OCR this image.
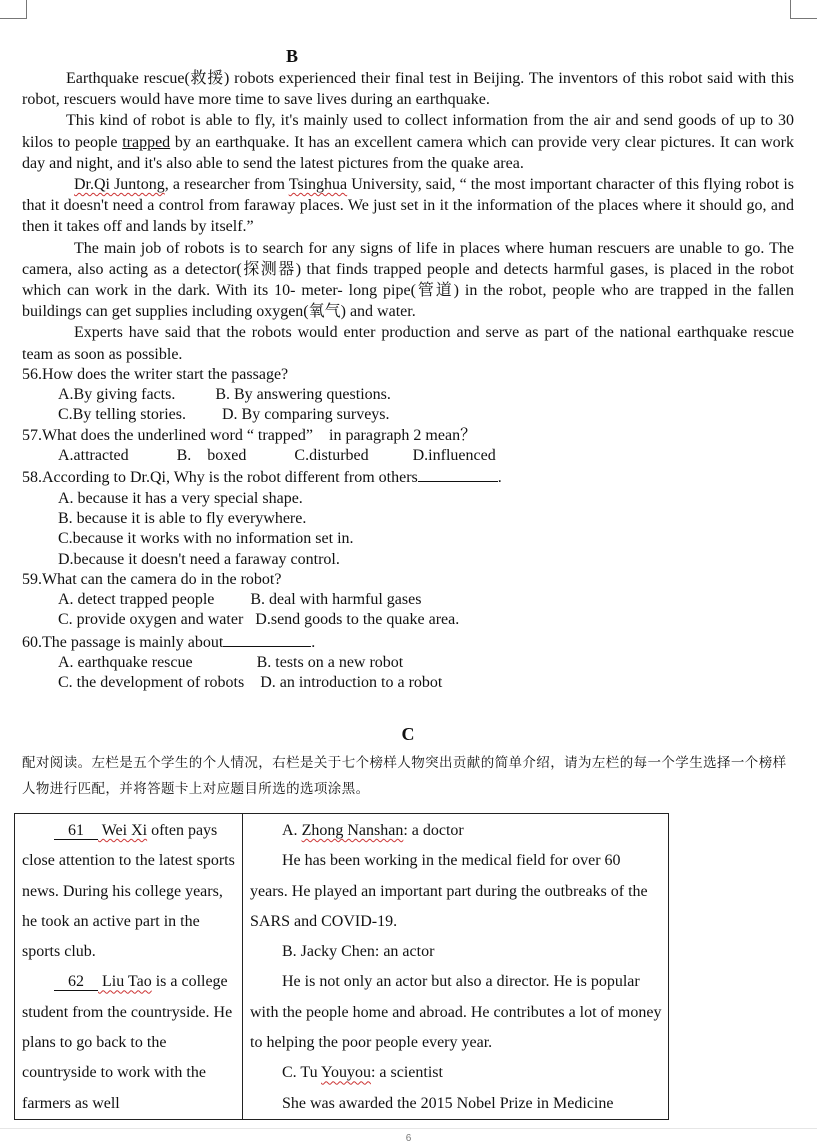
B
Earthquake rescue(救援) robots experienced their final test in Beijing. The inventors of this robot said with this robot, rescuers would have more time to save lives during an earthquake.
This kind of robot is able to fly, it's mainly used to collect information from the air and send goods of up to 30 kilos to people trapped by an earthquake. It has an excellent camera which can provide very clear pictures. It can work day and night, and it's also able to send the latest pictures from the quake area.
Dr.Qi Juntong, a researcher from Tsinghua University, said, “ the most important character of this flying robot is that it doesn't need a control from faraway places. We just set in it the information of the places where it should go, and then it takes off and lands by itself.”
The main job of robots is to search for any signs of life in places where human rescuers are unable to go. The camera, also acting as a detector(探测器) that finds trapped people and detects harmful gases, is placed in the robot which can work in the dark. With its 10- meter- long pipe(管道) in the robot, people who are trapped in the fallen buildings can get supplies including oxygen(氧气) and water.
Experts have said that the robots would enter production and serve as part of the national earthquake rescue team as soon as possible.
56.How does the writer start the passage?
A.By giving facts.          B. By answering questions.
C.By telling stories.         D. By comparing surveys.
57.What does the underlined word “ trapped”    in paragraph 2 mean？
A.attracted            B.    boxed            C.disturbed           D.influenced
58.According to Dr.Qi, Why is the robot different from others	.
A. because it has a very special shape.
B. because it is able to fly everywhere.
C.because it works with no information set in.
D.because it doesn't need a faraway control.
59.What can the camera do in the robot?
A. detect trapped people         B. deal with harmful gases
C. provide oxygen and water   D.send goods to the quake area.
60.The passage is mainly about	.
A. earthquake rescue                B. tests on a new robot
C. the development of robots    D. an introduction to a robot
C
配对阅读。左栏是五个学生的个人情况，右栏是关于七个榜样人物突出贡献的简单介绍，请为左栏的每一个学生选择一个榜样人物进行匹配，并将答题卡上对应题目所选的选项涂黑。
61 Wei Xi often pays close attention to the latest sports news. During his college years, he took an active part in the sports club.
62 Liu Tao is a college student from the countryside. He plans to go back to the countryside to work with the farmers as well

A. Zhong Nanshan: a doctor
He has been working in the medical field for over 60 years. He played an important part during the outbreaks of the SARS and COVID-19.
B. Jacky Chen: an actor
He is not only an actor but also a director. He is popular with the people home and abroad. He contributes a lot of money to helping the poor people every year.
C. Tu Youyou: a scientist
She was awarded the 2015 Nobel Prize in Medicine
6
